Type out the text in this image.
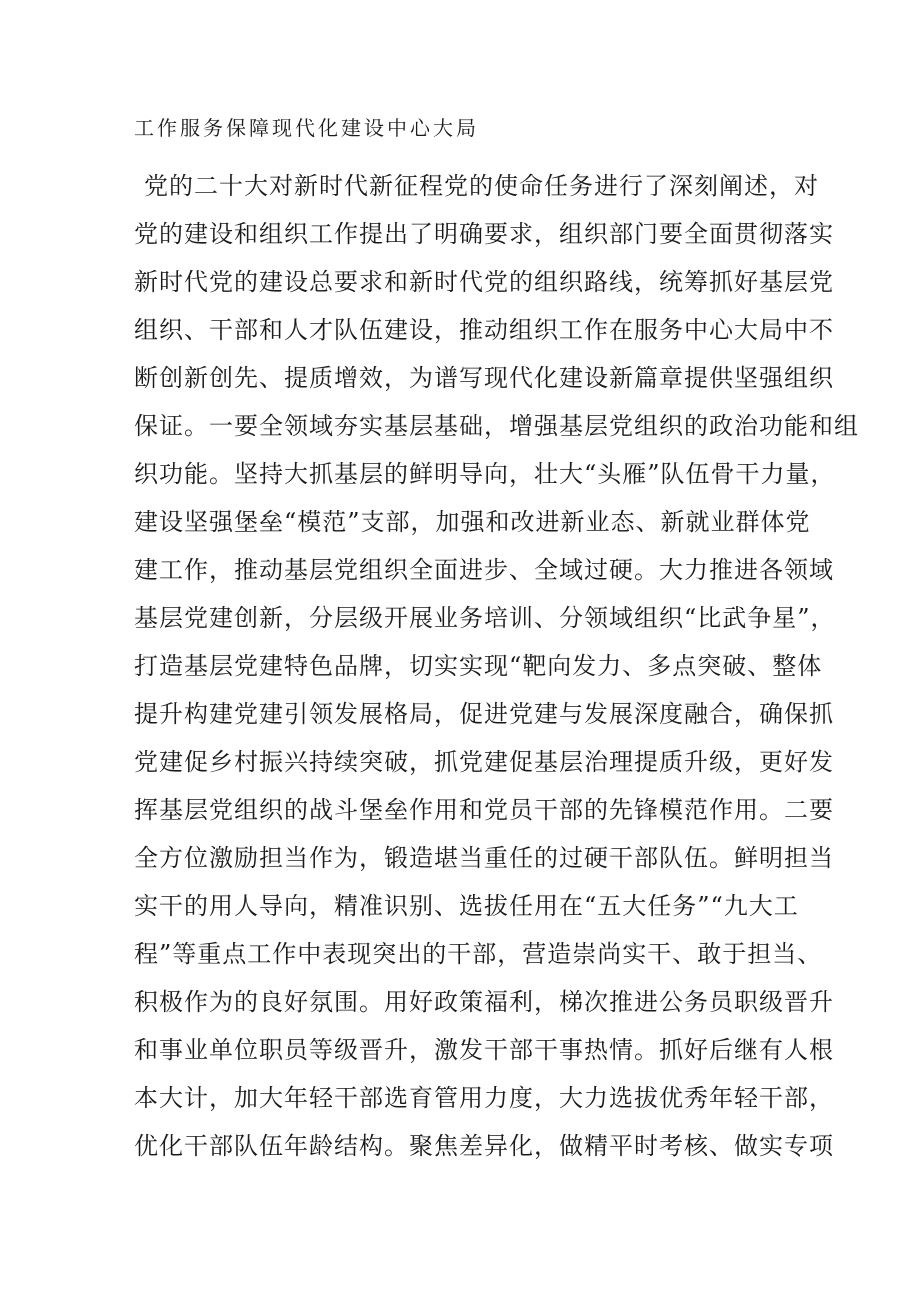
工作服务保障现代化建设中心大局
党的二十大对新时代新征程党的使命任务进行了深刻阐述，对
党的建设和组织工作提出了明确要求，组织部门要全面贯彻落实
新时代党的建设总要求和新时代党的组织路线，统筹抓好基层党
组织、干部和人才队伍建设，推动组织工作在服务中心大局中不
断创新创先、提质增效，为谱写现代化建设新篇章提供坚强组织
保证。一要全领域夯实基层基础，增强基层党组织的政治功能和组
织功能。坚持大抓基层的鲜明导向，壮大“头雁”队伍骨干力量，
建设坚强堡垒“模范”支部，加强和改进新业态、新就业群体党
建工作，推动基层党组织全面进步、全域过硬。大力推进各领域
基层党建创新，分层级开展业务培训、分领域组织“比武争星”，
打造基层党建特色品牌，切实实现“靶向发力、多点突破、整体
提升构建党建引领发展格局，促进党建与发展深度融合，确保抓
党建促乡村振兴持续突破，抓党建促基层治理提质升级，更好发
挥基层党组织的战斗堡垒作用和党员干部的先锋模范作用。二要
全方位激励担当作为，锻造堪当重任的过硬干部队伍。鲜明担当
实干的用人导向，精准识别、选拔任用在“五大任务”“九大工
程”等重点工作中表现突出的干部，营造崇尚实干、敢于担当、
积极作为的良好氛围。用好政策福利，梯次推进公务员职级晋升
和事业单位职员等级晋升，激发干部干事热情。抓好后继有人根
本大计，加大年轻干部选育管用力度，大力选拔优秀年轻干部，
优化干部队伍年龄结构。聚焦差异化，做精平时考核、做实专项
